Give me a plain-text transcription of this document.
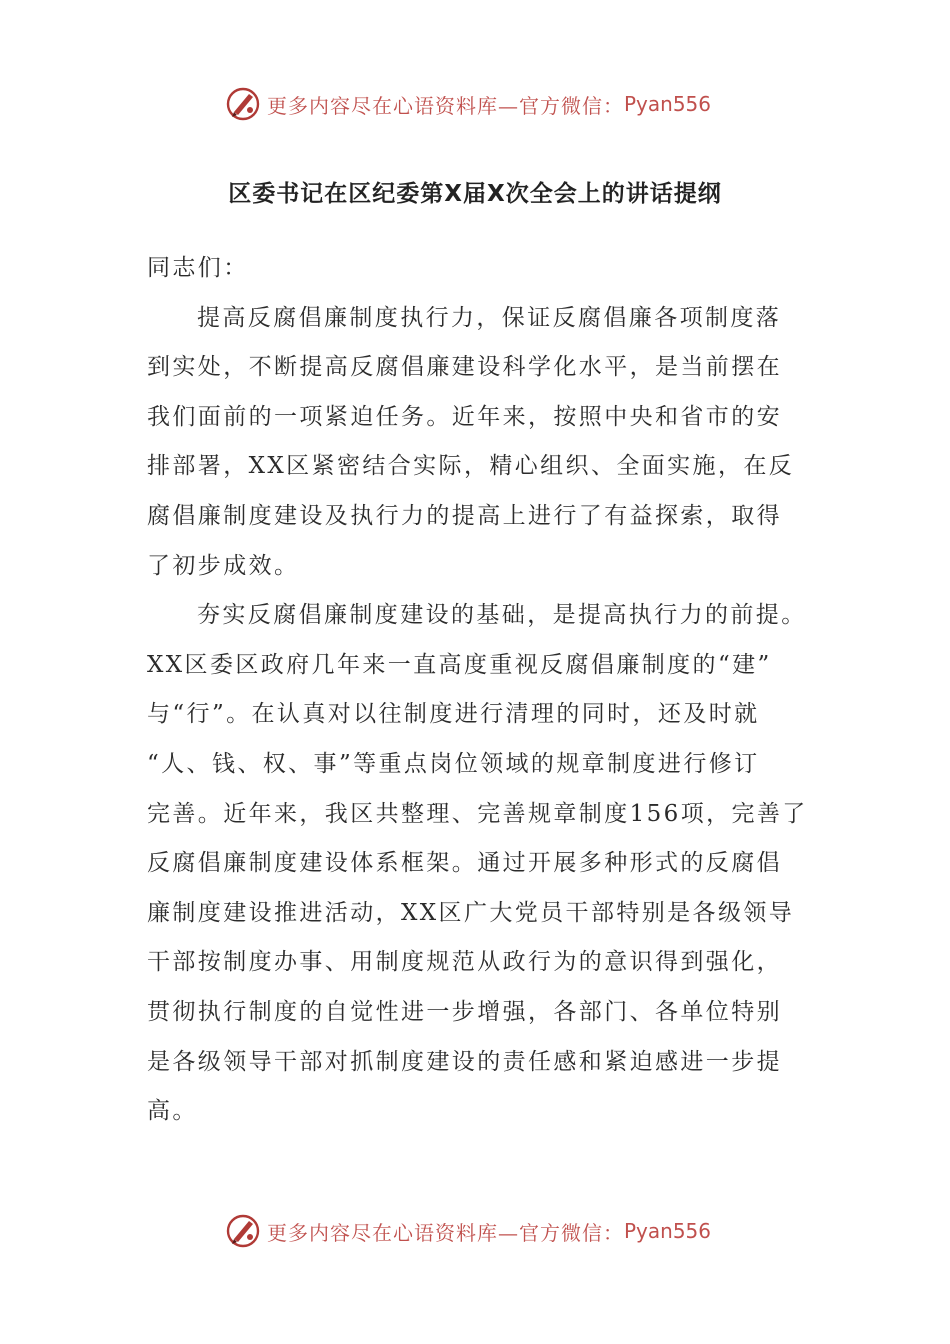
更多内容尽在心语资料库—官方微信： Pyan556
区委书记在区纪委第X届X次全会上的讲话提纲
同志们：
提高反腐倡廉制度执行力，保证反腐倡廉各项制度落
到实处，不断提高反腐倡廉建设科学化水平，是当前摆在
我们面前的一项紧迫任务。近年来，按照中央和省市的安
排部署，XX区紧密结合实际，精心组织、全面实施，在反
腐倡廉制度建设及执行力的提高上进行了有益探索，取得
了初步成效。
夯实反腐倡廉制度建设的基础，是提高执行力的前提。
XX区委区政府几年来一直高度重视反腐倡廉制度的“建”
与“行”。在认真对以往制度进行清理的同时，还及时就
“人、钱、权、事”等重点岗位领域的规章制度进行修订
完善。近年来，我区共整理、完善规章制度156项，完善了
反腐倡廉制度建设体系框架。通过开展多种形式的反腐倡
廉制度建设推进活动，XX区广大党员干部特别是各级领导
干部按制度办事、用制度规范从政行为的意识得到强化，
贯彻执行制度的自觉性进一步增强，各部门、各单位特别
是各级领导干部对抓制度建设的责任感和紧迫感进一步提
高。
更多内容尽在心语资料库—官方微信： Pyan556
